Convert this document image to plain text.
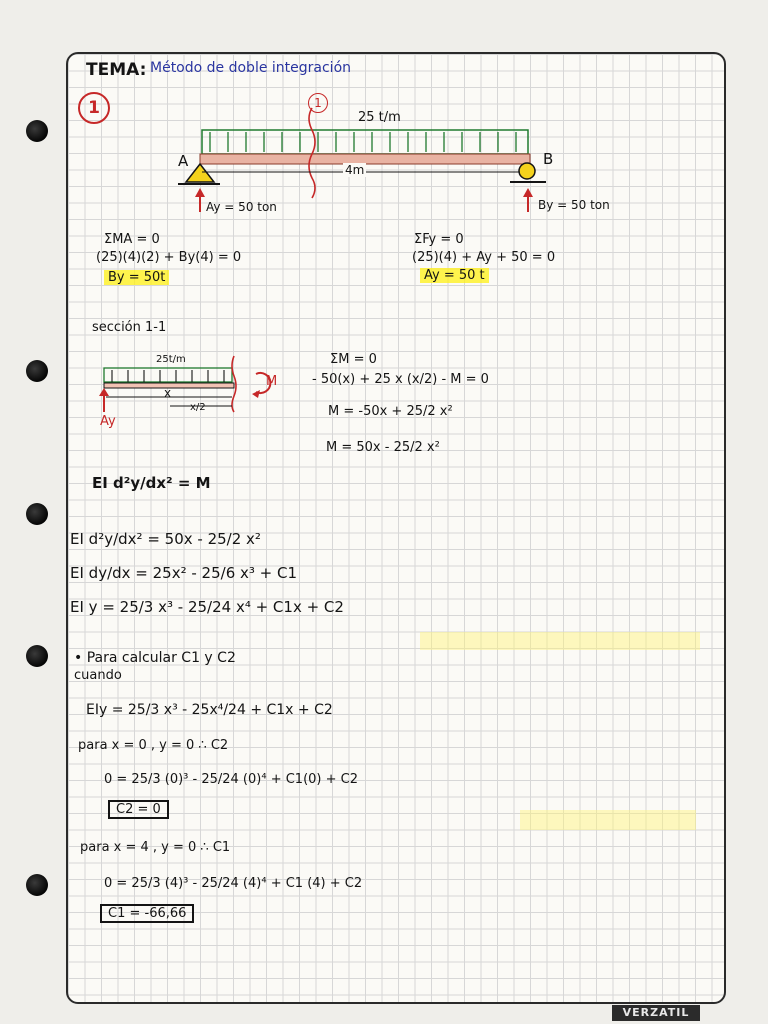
TEMA: Método de doble integración
1	1
25 t/m
A	B
4m
Ay = 50 ton	By = 50 ton
ΣMA = 0
(25)(4)(2) + By(4) = 0
By = 50t
ΣFy = 0
(25)(4) + Ay + 50 = 0
Ay = 50 t
sección 1-1
25t/m
x
x/2
M
Ay
ΣM = 0
- 50(x) + 25 x (x/2) - M = 0
M = -50x + 25/2 x²
M = 50x - 25/2 x²
EI d²y/dx² = M
EI d²y/dx² = 50x - 25/2 x²
EI dy/dx = 25x² - 25/6 x³ + C1
EI y = 25/3 x³ - 25/24 x⁴ + C1x + C2
• Para calcular C1 y C2
cuando
EIy = 25/3 x³ - 25x⁴/24 + C1x + C2
para x = 0 , y = 0 ∴ C2
0 = 25/3 (0)³ - 25/24 (0)⁴ + C1(0) + C2
C2 = 0
para x = 4 , y = 0 ∴ C1
0 = 25/3 (4)³ - 25/24 (4)⁴ + C1 (4) + C2
C1 = -66,66
VERZATIL
